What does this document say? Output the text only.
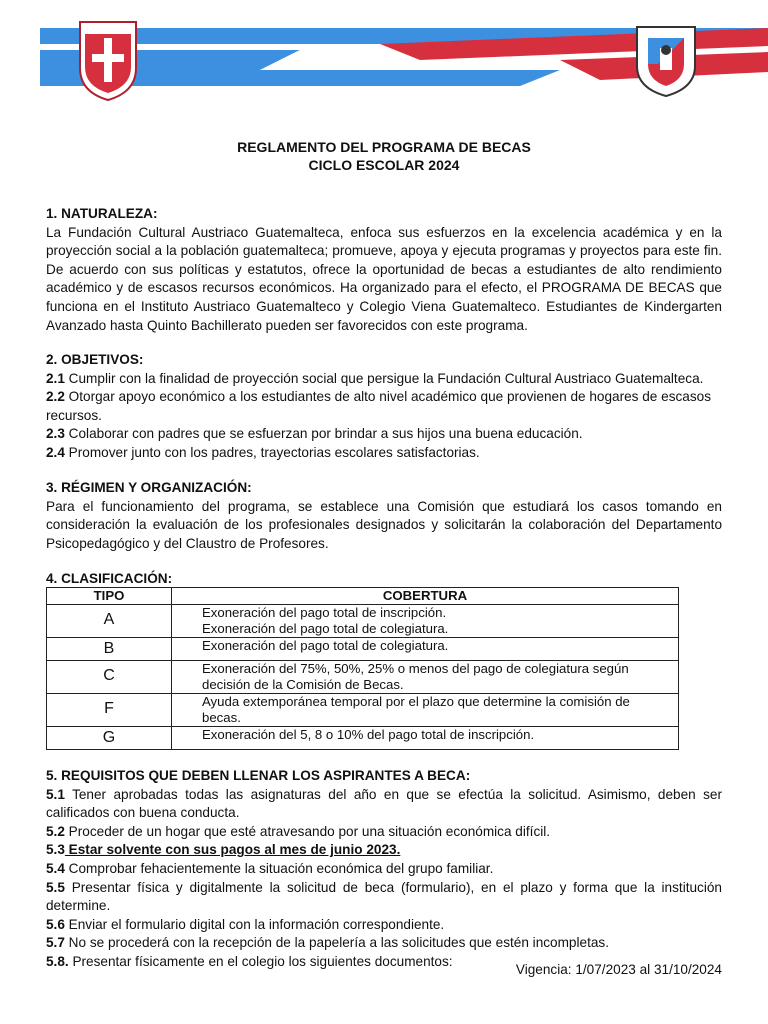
REGLAMENTO DEL PROGRAMA DE BECAS
CICLO ESCOLAR 2024
1. NATURALEZA:
La Fundación Cultural Austriaco Guatemalteca, enfoca sus esfuerzos en la excelencia académica y en la proyección social a la población guatemalteca; promueve, apoya y ejecuta programas y proyectos para este fin. De acuerdo con sus políticas y estatutos, ofrece la oportunidad de becas a estudiantes de alto rendimiento académico y de escasos recursos económicos. Ha organizado para el efecto, el PROGRAMA DE BECAS que funciona en el Instituto Austriaco Guatemalteco y Colegio Viena Guatemalteco. Estudiantes de Kindergarten Avanzado hasta Quinto Bachillerato pueden ser favorecidos con este programa.
2. OBJETIVOS:
2.1 Cumplir con la finalidad de proyección social que persigue la Fundación Cultural Austriaco Guatemalteca.
2.2 Otorgar apoyo económico a los estudiantes de alto nivel académico que provienen de hogares de escasos recursos.
2.3 Colaborar con padres que se esfuerzan por brindar a sus hijos una buena educación.
2.4 Promover junto con los padres, trayectorias escolares satisfactorias.
3. RÉGIMEN Y ORGANIZACIÓN:
Para el funcionamiento del programa, se establece una Comisión que estudiará los casos tomando en consideración la evaluación de los profesionales designados y solicitarán la colaboración del Departamento Psicopedagógico y del Claustro de Profesores.
4. CLASIFICACIÓN:
TIPO	COBERTURA
A	Exoneración del pago total de inscripción.
Exoneración del pago total de colegiatura.

B	Exoneración del pago total de colegiatura.

C	Exoneración del 75%, 50%, 25% o menos del pago de colegiatura según
decisión de la Comisión de Becas.

F	Ayuda extemporánea temporal por el plazo que determine la comisión de
becas.

G	Exoneración del 5, 8 o 10% del pago total de inscripción.
5. REQUISITOS QUE DEBEN LLENAR LOS ASPIRANTES A BECA:
5.1 Tener aprobadas todas las asignaturas del año en que se efectúa la solicitud. Asimismo, deben ser calificados con buena conducta.
5.2 Proceder de un hogar que esté atravesando por una situación económica difícil.
5.3 Estar solvente con sus pagos al mes de junio 2023.
5.4 Comprobar fehacientemente la situación económica del grupo familiar.
5.5 Presentar física y digitalmente la solicitud de beca (formulario), en el plazo y forma que la institución determine.
5.6 Enviar el formulario digital con la información correspondiente.
5.7 No se procederá con la recepción de la papelería a las solicitudes que estén incompletas.
5.8. Presentar físicamente en el colegio los siguientes documentos:
Vigencia: 1/07/2023 al 31/10/2024
